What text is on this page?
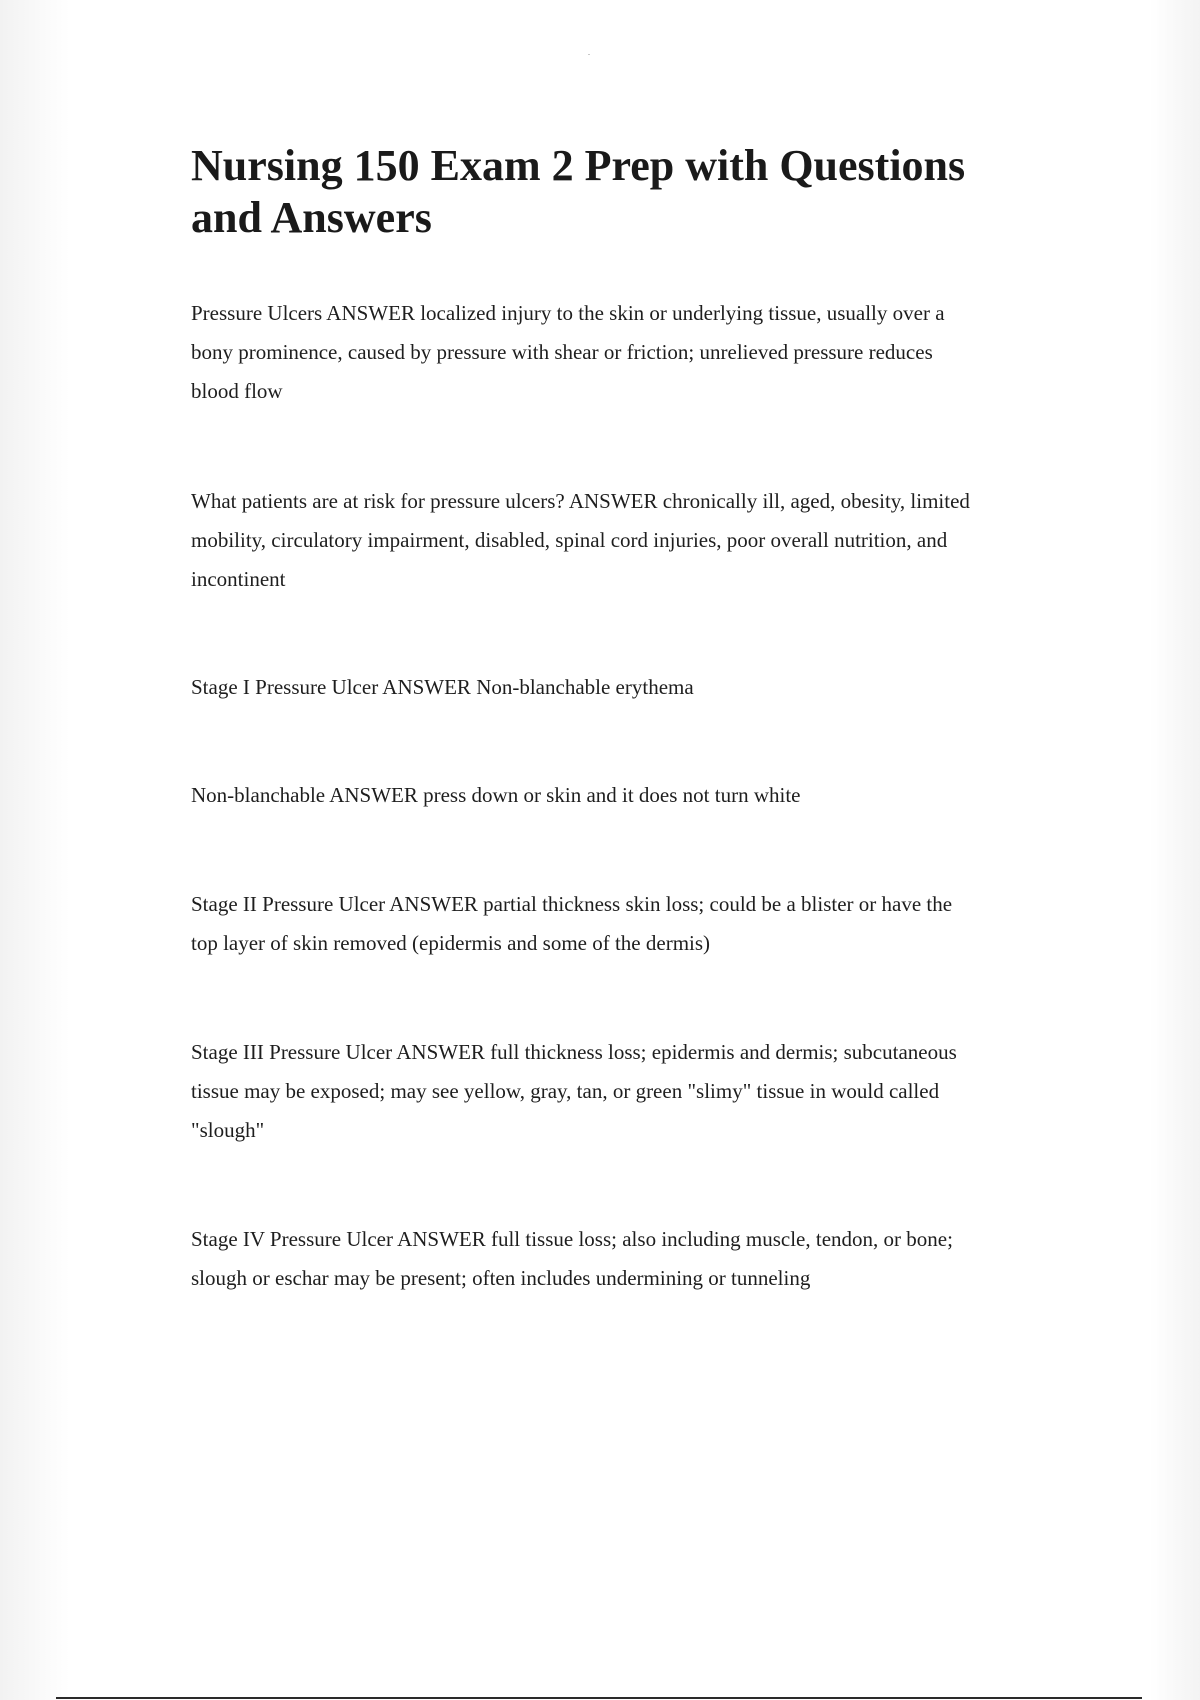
Nursing 150 Exam 2 Prep with Questions
and Answers

Pressure Ulcers ANSWER localized injury to the skin or underlying tissue, usually over a
bony prominence, caused by pressure with shear or friction; unrelieved pressure reduces
blood flow

What patients are at risk for pressure ulcers? ANSWER chronically ill, aged, obesity, limited
mobility, circulatory impairment, disabled, spinal cord injuries, poor overall nutrition, and
incontinent

Stage I Pressure Ulcer ANSWER Non-blanchable erythema

Non-blanchable ANSWER press down or skin and it does not turn white

Stage II Pressure Ulcer ANSWER partial thickness skin loss; could be a blister or have the
top layer of skin removed (epidermis and some of the dermis)

Stage III Pressure Ulcer ANSWER full thickness loss; epidermis and dermis; subcutaneous
tissue may be exposed; may see yellow, gray, tan, or green "slimy" tissue in would called
"slough"

Stage IV Pressure Ulcer ANSWER full tissue loss; also including muscle, tendon, or bone;
slough or eschar may be present; often includes undermining or tunneling
